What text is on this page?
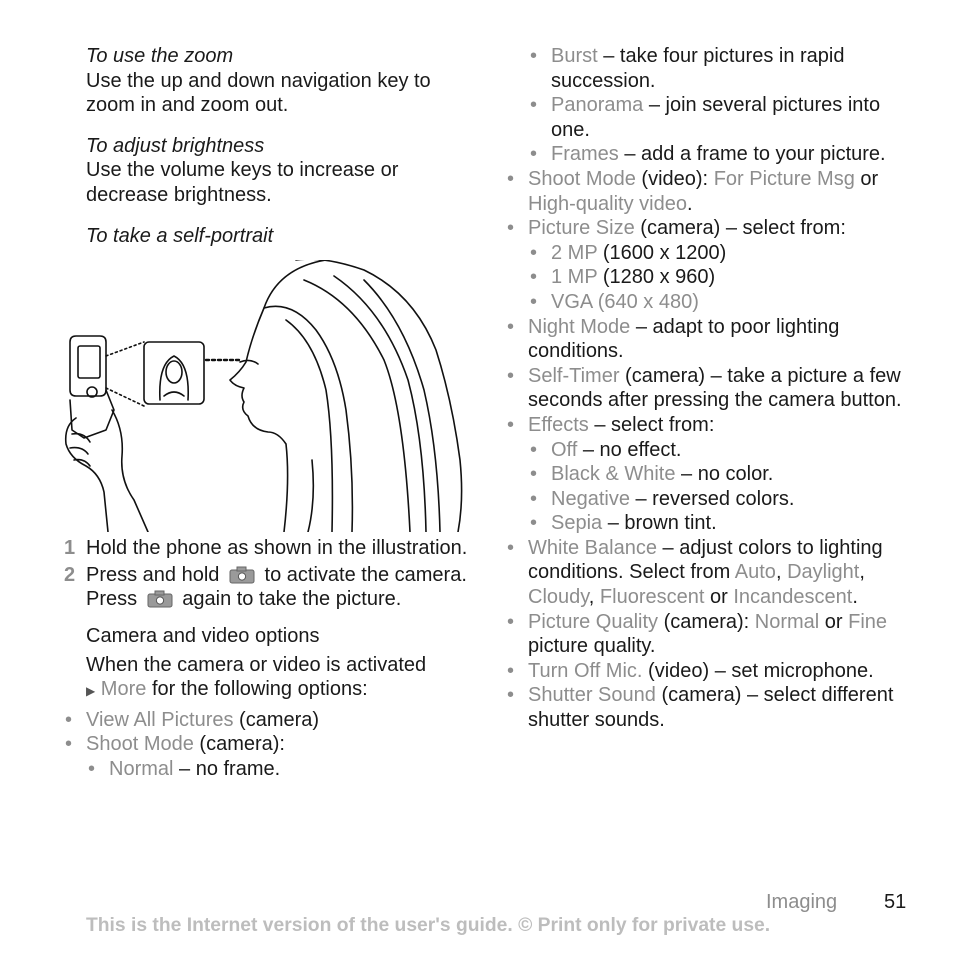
To use the zoom
Use the up and down navigation key to zoom in and zoom out.
To adjust brightness
Use the volume keys to increase or decrease brightness.
To take a self-portrait
1 Hold the phone as shown in the illustration.
2 Press and hold to activate the camera. Press again to take the picture.
Camera and video options
When the camera or video is activated
▶ More for the following options:
• View All Pictures (camera)
• Shoot Mode (camera):
• Normal – no frame.
• Burst – take four pictures in rapid succession.
• Panorama – join several pictures into one.
• Frames – add a frame to your picture.
• Shoot Mode (video): For Picture Msg or High-quality video.
• Picture Size (camera) – select from:
• 2 MP (1600 x 1200)
• 1 MP (1280 x 960)
• VGA (640 x 480)
• Night Mode – adapt to poor lighting conditions.
• Self-Timer (camera) – take a picture a few seconds after pressing the camera button.
• Effects – select from:
• Off – no effect.
• Black & White – no color.
• Negative – reversed colors.
• Sepia – brown tint.
• White Balance – adjust colors to lighting conditions. Select from Auto, Daylight, Cloudy, Fluorescent or Incandescent.
• Picture Quality (camera): Normal or Fine picture quality.
• Turn Off Mic. (video) – set microphone.
• Shutter Sound (camera) – select different shutter sounds.
Imaging 51
This is the Internet version of the user's guide. © Print only for private use.
